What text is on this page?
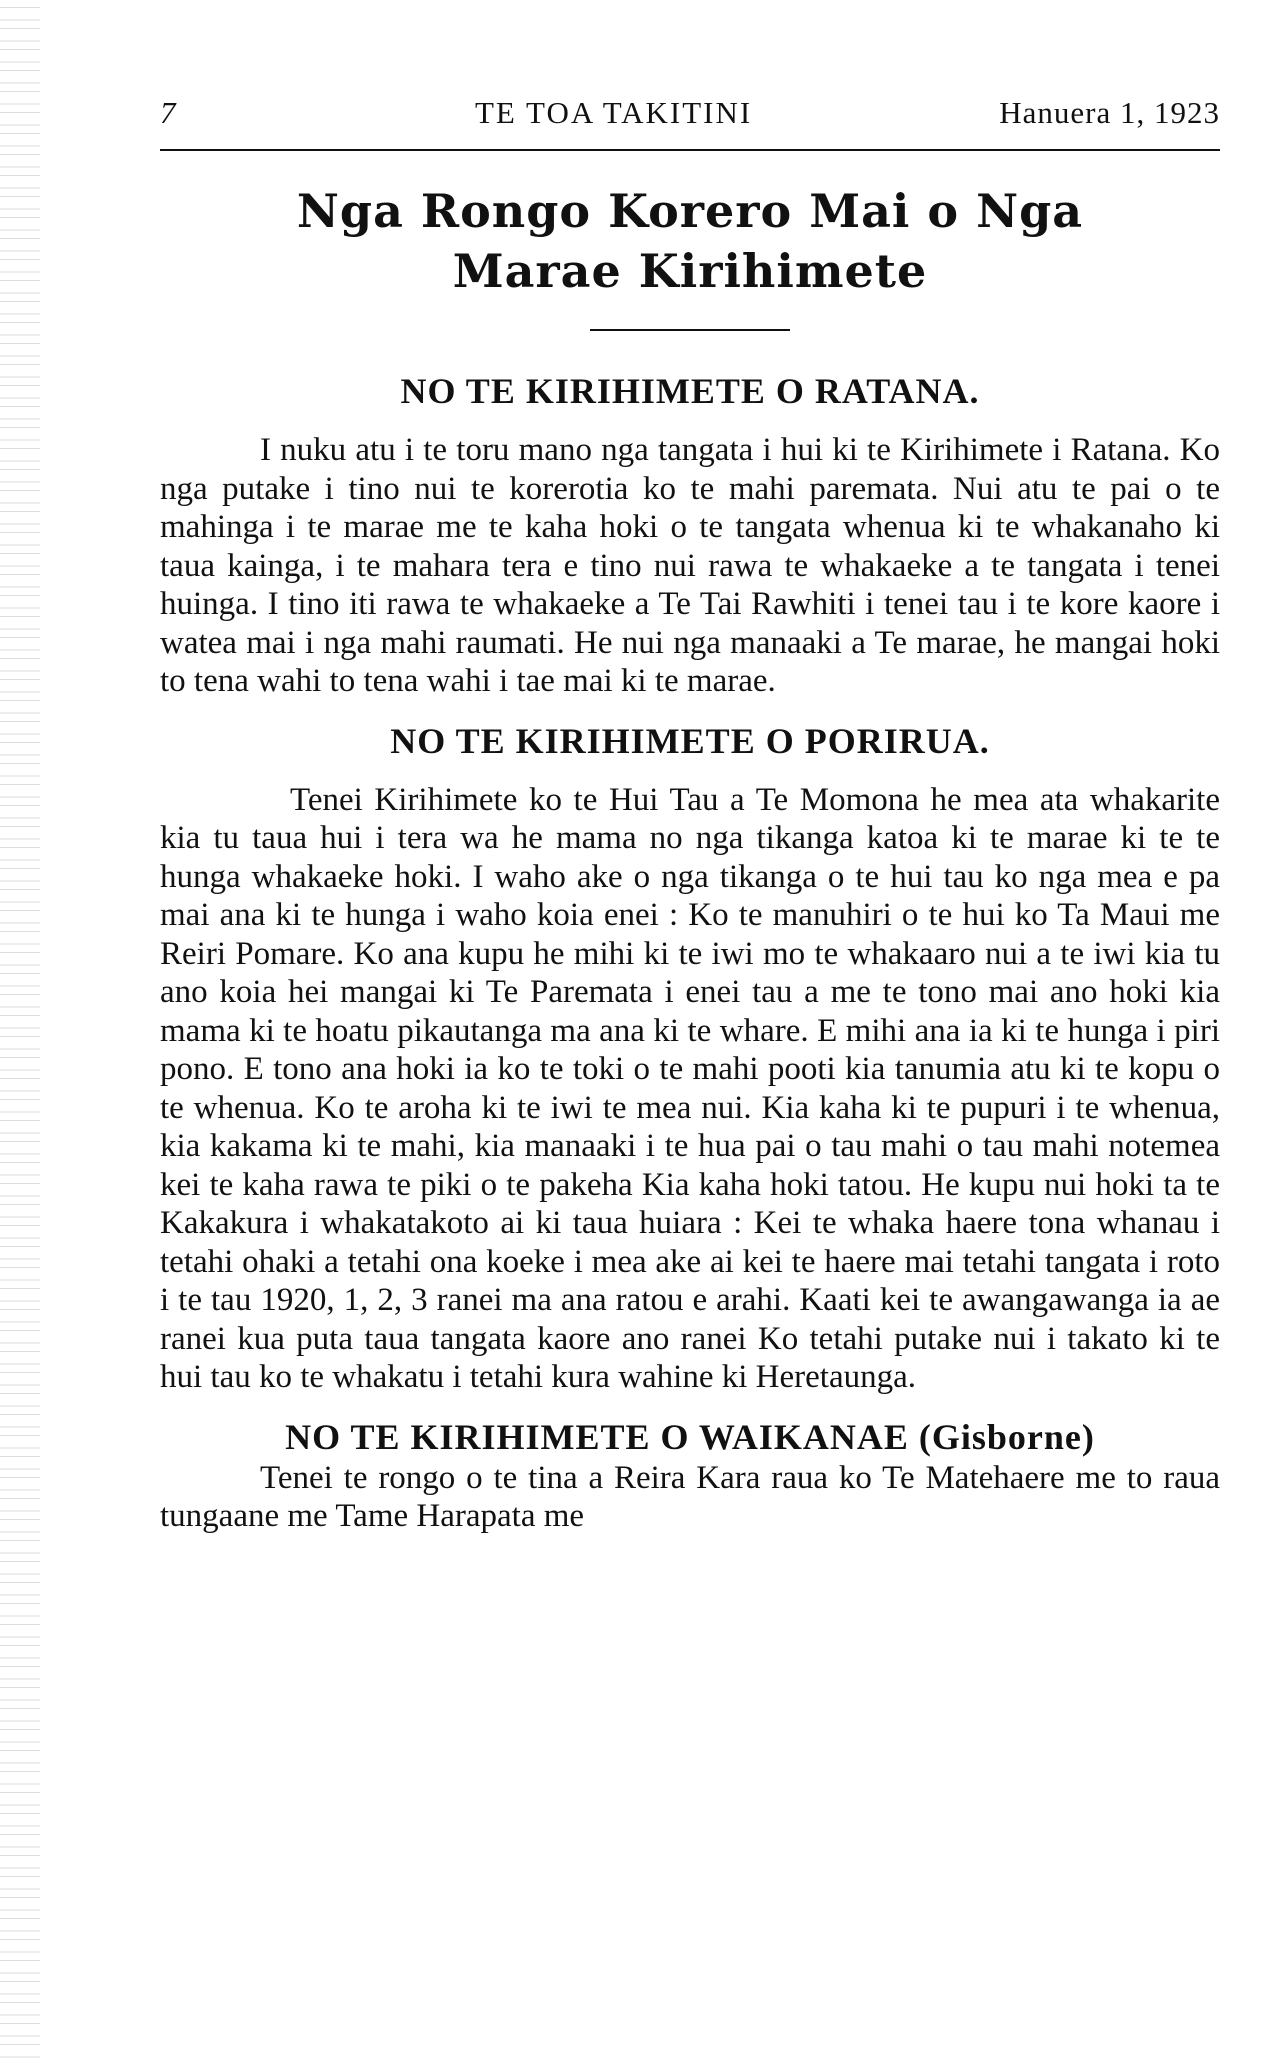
7	TE TOA TAKITINI	Hanuera 1, 1923
Nga Rongo Korero Mai o Nga
Marae Kirihimete
NO TE KIRIHIMETE O RATANA.

I nuku atu i te toru mano nga tangata i hui ki te Kirihimete i Ratana. Ko nga putake i tino nui te korerotia ko te mahi paremata. Nui atu te pai o te mahinga i te marae me te kaha hoki o te tangata whenua ki te whakanaho ki taua kainga, i te mahara tera e tino nui rawa te whakaeke a te tangata i tenei huinga. I tino iti rawa te whakaeke a Te Tai Rawhiti i tenei tau i te kore kaore i watea mai i nga mahi raumati. He nui nga manaaki a Te marae, he mangai hoki to tena wahi to tena wahi i tae mai ki te marae.

NO TE KIRIHIMETE O PORIRUA.

Tenei Kirihimete ko te Hui Tau a Te Momona he mea ata whakarite kia tu taua hui i tera wa he mama no nga tikanga katoa ki te marae ki te te hunga whakaeke hoki. I waho ake o nga tikanga o te hui tau ko nga mea e pa mai ana ki te hunga i waho koia enei : Ko te manuhiri o te hui ko Ta Maui me Reiri Pomare. Ko ana kupu he mihi ki te iwi mo te whakaaro nui a te iwi kia tu ano koia hei mangai ki Te Paremata i enei tau a me te tono mai ano hoki kia mama ki te hoatu pikautanga ma ana ki te whare. E mihi ana ia ki te hunga i piri pono. E tono ana hoki ia ko te toki o te mahi pooti kia tanumia atu ki te kopu o te whenua. Ko te aroha ki te iwi te mea nui. Kia kaha ki te pupuri i te whenua, kia kakama ki te mahi, kia manaaki i te hua pai o tau mahi o tau mahi notemea kei te kaha rawa te piki o te pakeha Kia kaha hoki tatou. He kupu nui hoki ta te Kakakura i whakatakoto ai ki taua huiara : Kei te whaka haere tona whanau i tetahi ohaki a tetahi ona koeke i mea ake ai kei te haere mai tetahi tangata i roto i te tau 1920, 1, 2, 3 ranei ma ana ratou e arahi. Kaati kei te awangawanga ia ae ranei kua puta taua tangata kaore ano ranei Ko tetahi putake nui i takato ki te hui tau ko te whakatu i tetahi kura wahine ki Heretaunga.

NO TE KIRIHIMETE O WAIKANAE (Gisborne)

Tenei te rongo o te tina a Reira Kara raua ko Te Matehaere me to raua tungaane me Tame Harapata me
